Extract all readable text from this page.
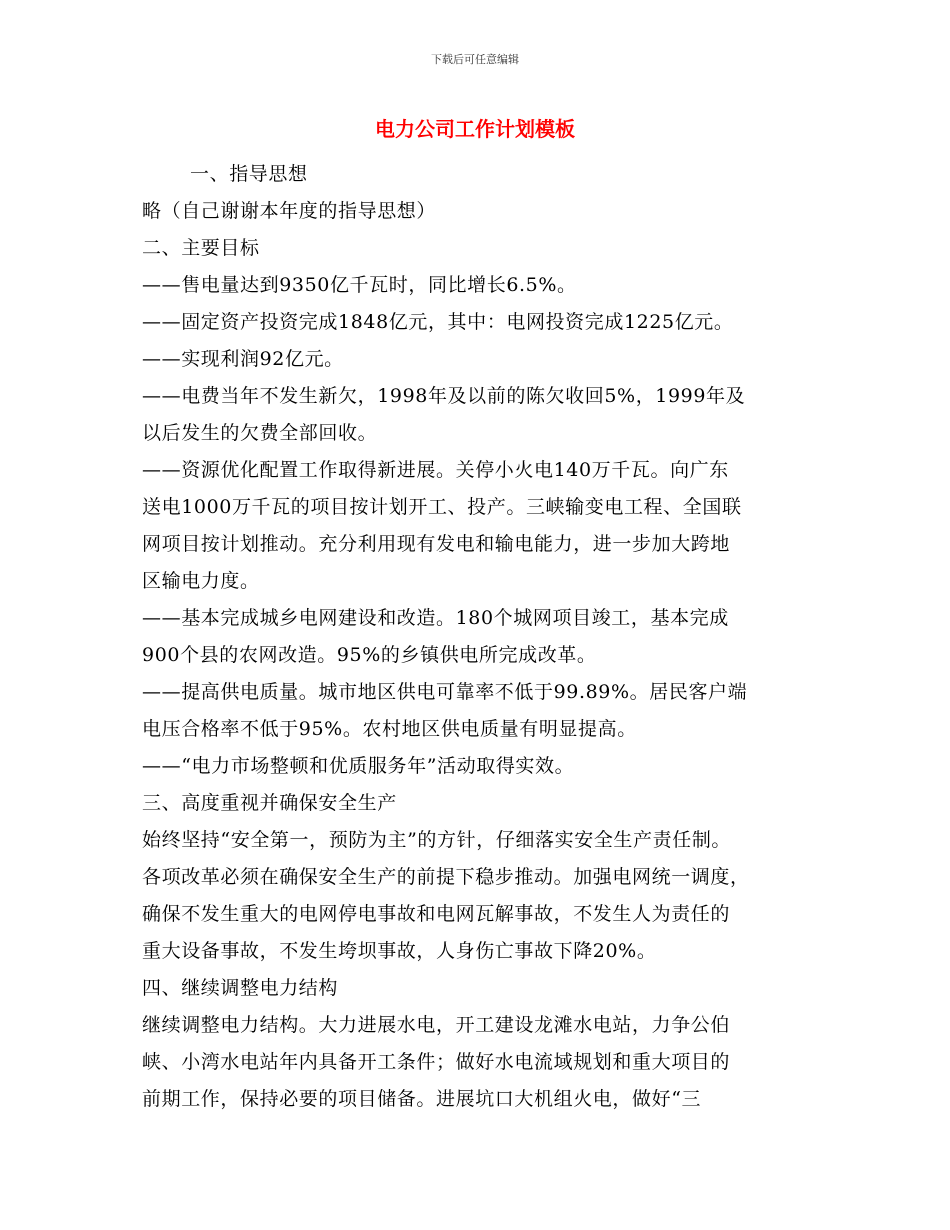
下载后可任意编辑
电力公司工作计划模板
一、指导思想
略（自己谢谢本年度的指导思想）
二、主要目标
——售电量达到9350亿千瓦时，同比增长6.5%。
——固定资产投资完成1848亿元，其中：电网投资完成1225亿元。
——实现利润92亿元。
——电费当年不发生新欠，1998年及以前的陈欠收回5%，1999年及
以后发生的欠费全部回收。
——资源优化配置工作取得新进展。关停小火电140万千瓦。向广东
送电1000万千瓦的项目按计划开工、投产。三峡输变电工程、全国联
网项目按计划推动。充分利用现有发电和输电能力，进一步加大跨地
区输电力度。
——基本完成城乡电网建设和改造。180个城网项目竣工，基本完成
900个县的农网改造。95%的乡镇供电所完成改革。
——提高供电质量。城市地区供电可靠率不低于99.89%。居民客户端
电压合格率不低于95%。农村地区供电质量有明显提高。
——“电力市场整顿和优质服务年”活动取得实效。
三、高度重视并确保安全生产
始终坚持“安全第一，预防为主”的方针，仔细落实安全生产责任制。
各项改革必须在确保安全生产的前提下稳步推动。加强电网统一调度，
确保不发生重大的电网停电事故和电网瓦解事故，不发生人为责任的
重大设备事故，不发生垮坝事故，人身伤亡事故下降20%。
四、继续调整电力结构
继续调整电力结构。大力进展水电，开工建设龙滩水电站，力争公伯
峡、小湾水电站年内具备开工条件；做好水电流域规划和重大项目的
前期工作，保持必要的项目储备。进展坑口大机组火电，做好“三
